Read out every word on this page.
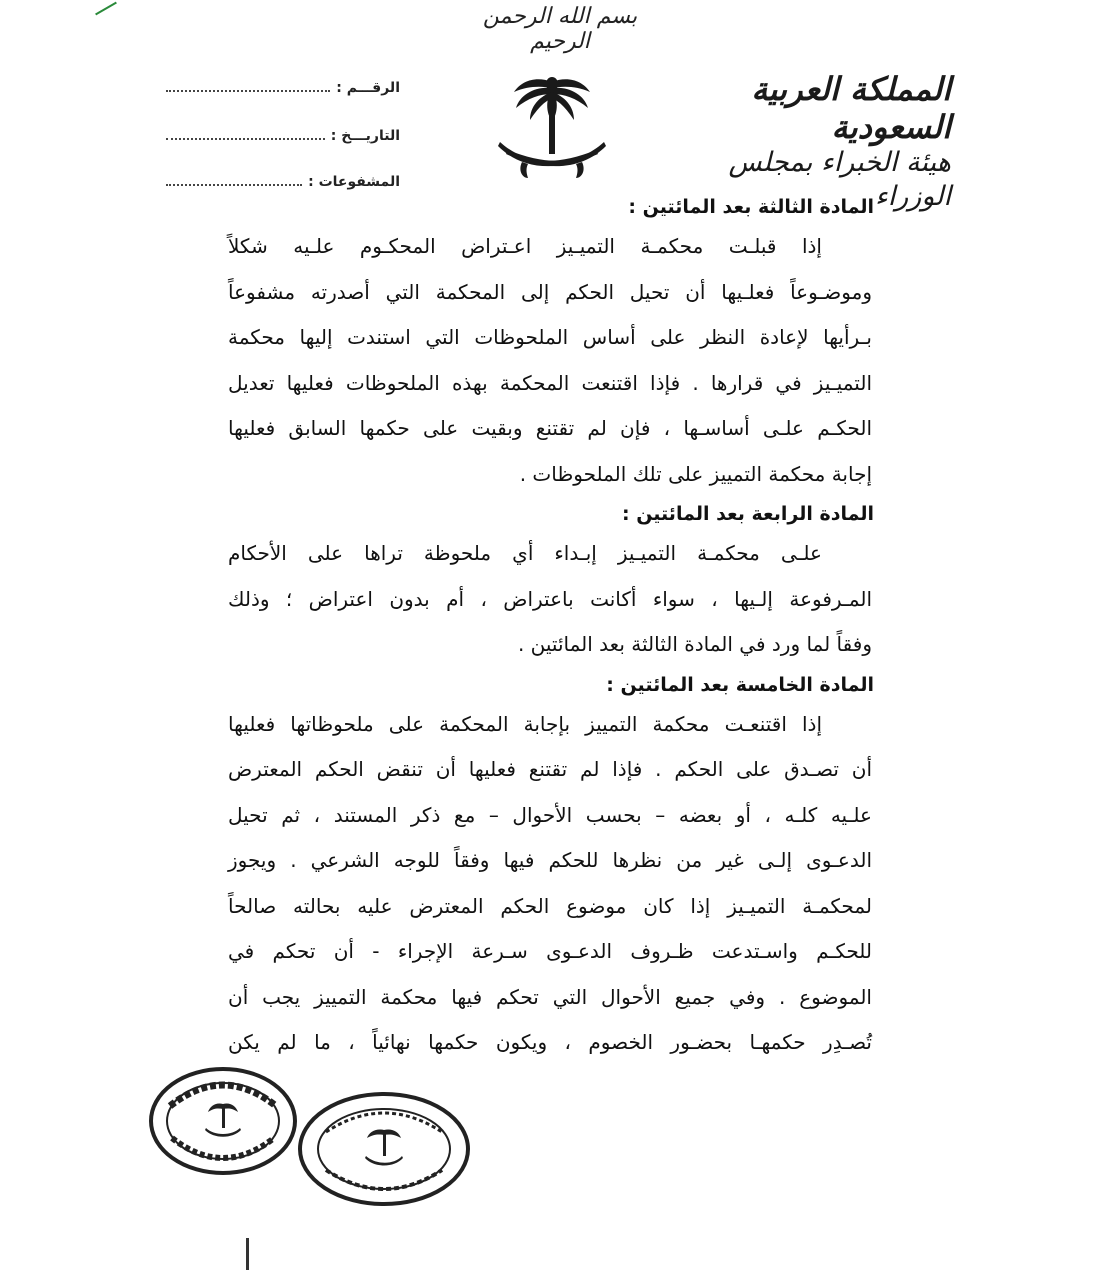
بسم الله الرحمن الرحيم
المملكة العربية السعودية
هيئة الخبراء بمجلس الوزراء
الرقـــم :
التاريـــخ :
المشفوعات :
المادة الثالثة بعد المائتين :
إذا قبلـت محكمـة التميـيز اعـتراض المحكـوم علـيه شكلاً
وموضـوعاً فعلـيها أن تحيل الحكم إلى المحكمة التي أصدرته مشفوعاً
بـرأيها لإعادة النظر على أساس الملحوظات التي استندت إليها محكمة
التميـيز في قرارها . فإذا اقتنعت المحكمة بهذه الملحوظات فعليها تعديل
الحكـم علـى أساسـها ، فإن لم تقتنع وبقيت على حكمها السابق فعليها
إجابة محكمة التمييز على تلك الملحوظات .
المادة الرابعة بعد المائتين :
علـى محكمـة التميـيز إبـداء أي ملحوظة تراها على الأحكام
المـرفوعة إلـيها ، سواء أكانت باعتراض ، أم بدون اعتراض ؛ وذلك
وفقاً لما ورد في المادة الثالثة بعد المائتين .
المادة الخامسة بعد المائتين :
إذا اقتنعـت محكمة التمييز بإجابة المحكمة على ملحوظاتها فعليها
أن تصـدق على الحكم . فإذا لم تقتنع فعليها أن تنقض الحكم المعترض
علـيه كلـه ، أو بعضه – بحسب الأحوال – مع ذكر المستند ، ثم تحيل
الدعـوى إلـى غير من نظرها للحكم فيها وفقاً للوجه الشرعي . ويجوز
لمحكمـة التميـيز إذا كان موضوع الحكم المعترض عليه بحالته صالحاً
للحكـم واسـتدعت ظـروف الدعـوى سـرعة الإجراء - أن تحكم في
الموضوع . وفي جميع الأحوال التي تحكم فيها محكمة التمييز يجب أن
تُصـدِر حكمهـا بحضـور الخصوم ، ويكون حكمها نهائياً ، ما لم يكن
